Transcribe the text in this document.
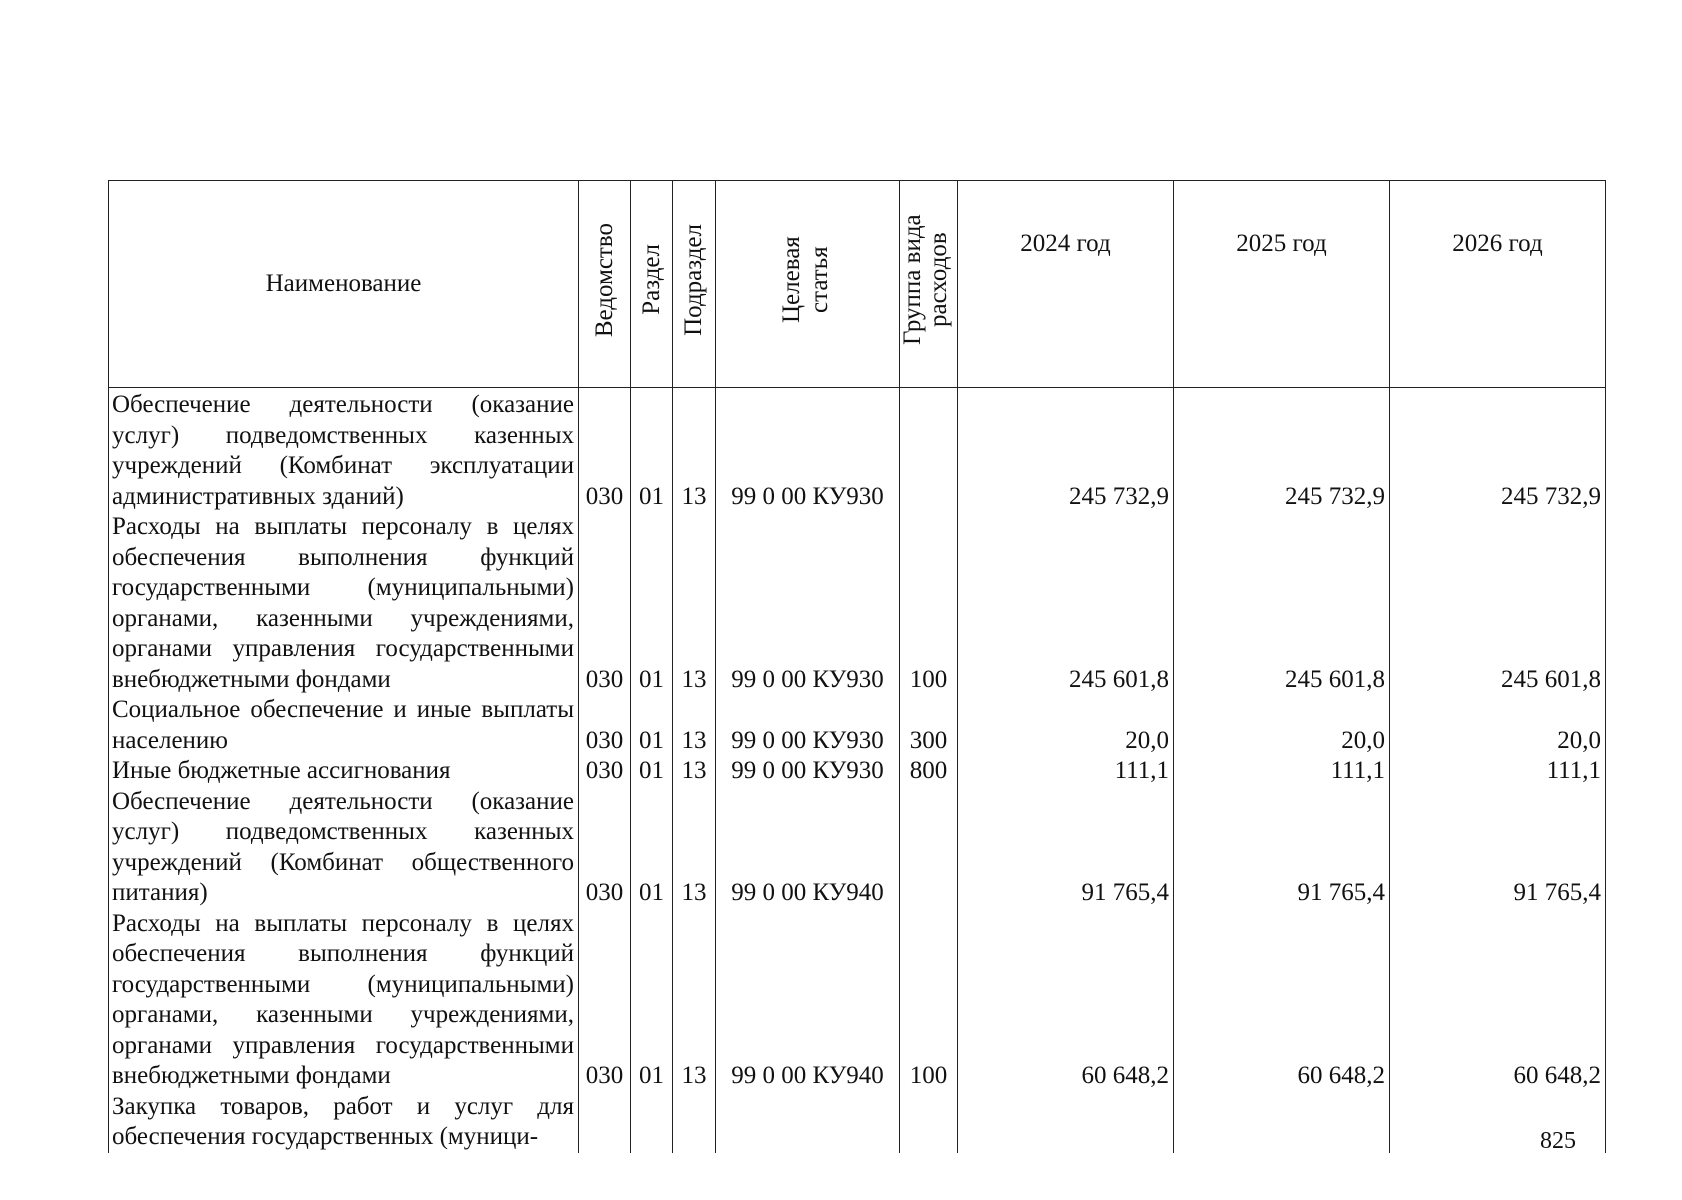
Наименование	Ведомство	Раздел	Подраздел	Целевая статья	Группа вида расходов	2024 год	2025 год	2026 год
Обеспечение деятельности (оказание услуг) подведомственных казенных учреждений (Комбинат эксплуатации административных зданий)	030	01	13	99 0 00 КУ930		245 732,9	245 732,9	245 732,9
Расходы на выплаты персоналу в целях обеспечения выполнения функций государственными (муниципальными) органами, казенными учреждениями, органами управления государственными внебюджетными фондами	030	01	13	99 0 00 КУ930	100	245 601,8	245 601,8	245 601,8
Социальное обеспечение и иные выплаты населению	030	01	13	99 0 00 КУ930	300	20,0	20,0	20,0
Иные бюджетные ассигнования	030	01	13	99 0 00 КУ930	800	111,1	111,1	111,1
Обеспечение деятельности (оказание услуг) подведомственных казенных учреждений (Комбинат общественного питания)	030	01	13	99 0 00 КУ940		91 765,4	91 765,4	91 765,4
Расходы на выплаты персоналу в целях обеспечения выполнения функций государственными (муниципальными) органами, казенными учреждениями, органами управления государственными внебюджетными фондами	030	01	13	99 0 00 КУ940	100	60 648,2	60 648,2	60 648,2
Закупка товаров, работ и услуг для обеспечения государственных (муници-									825
